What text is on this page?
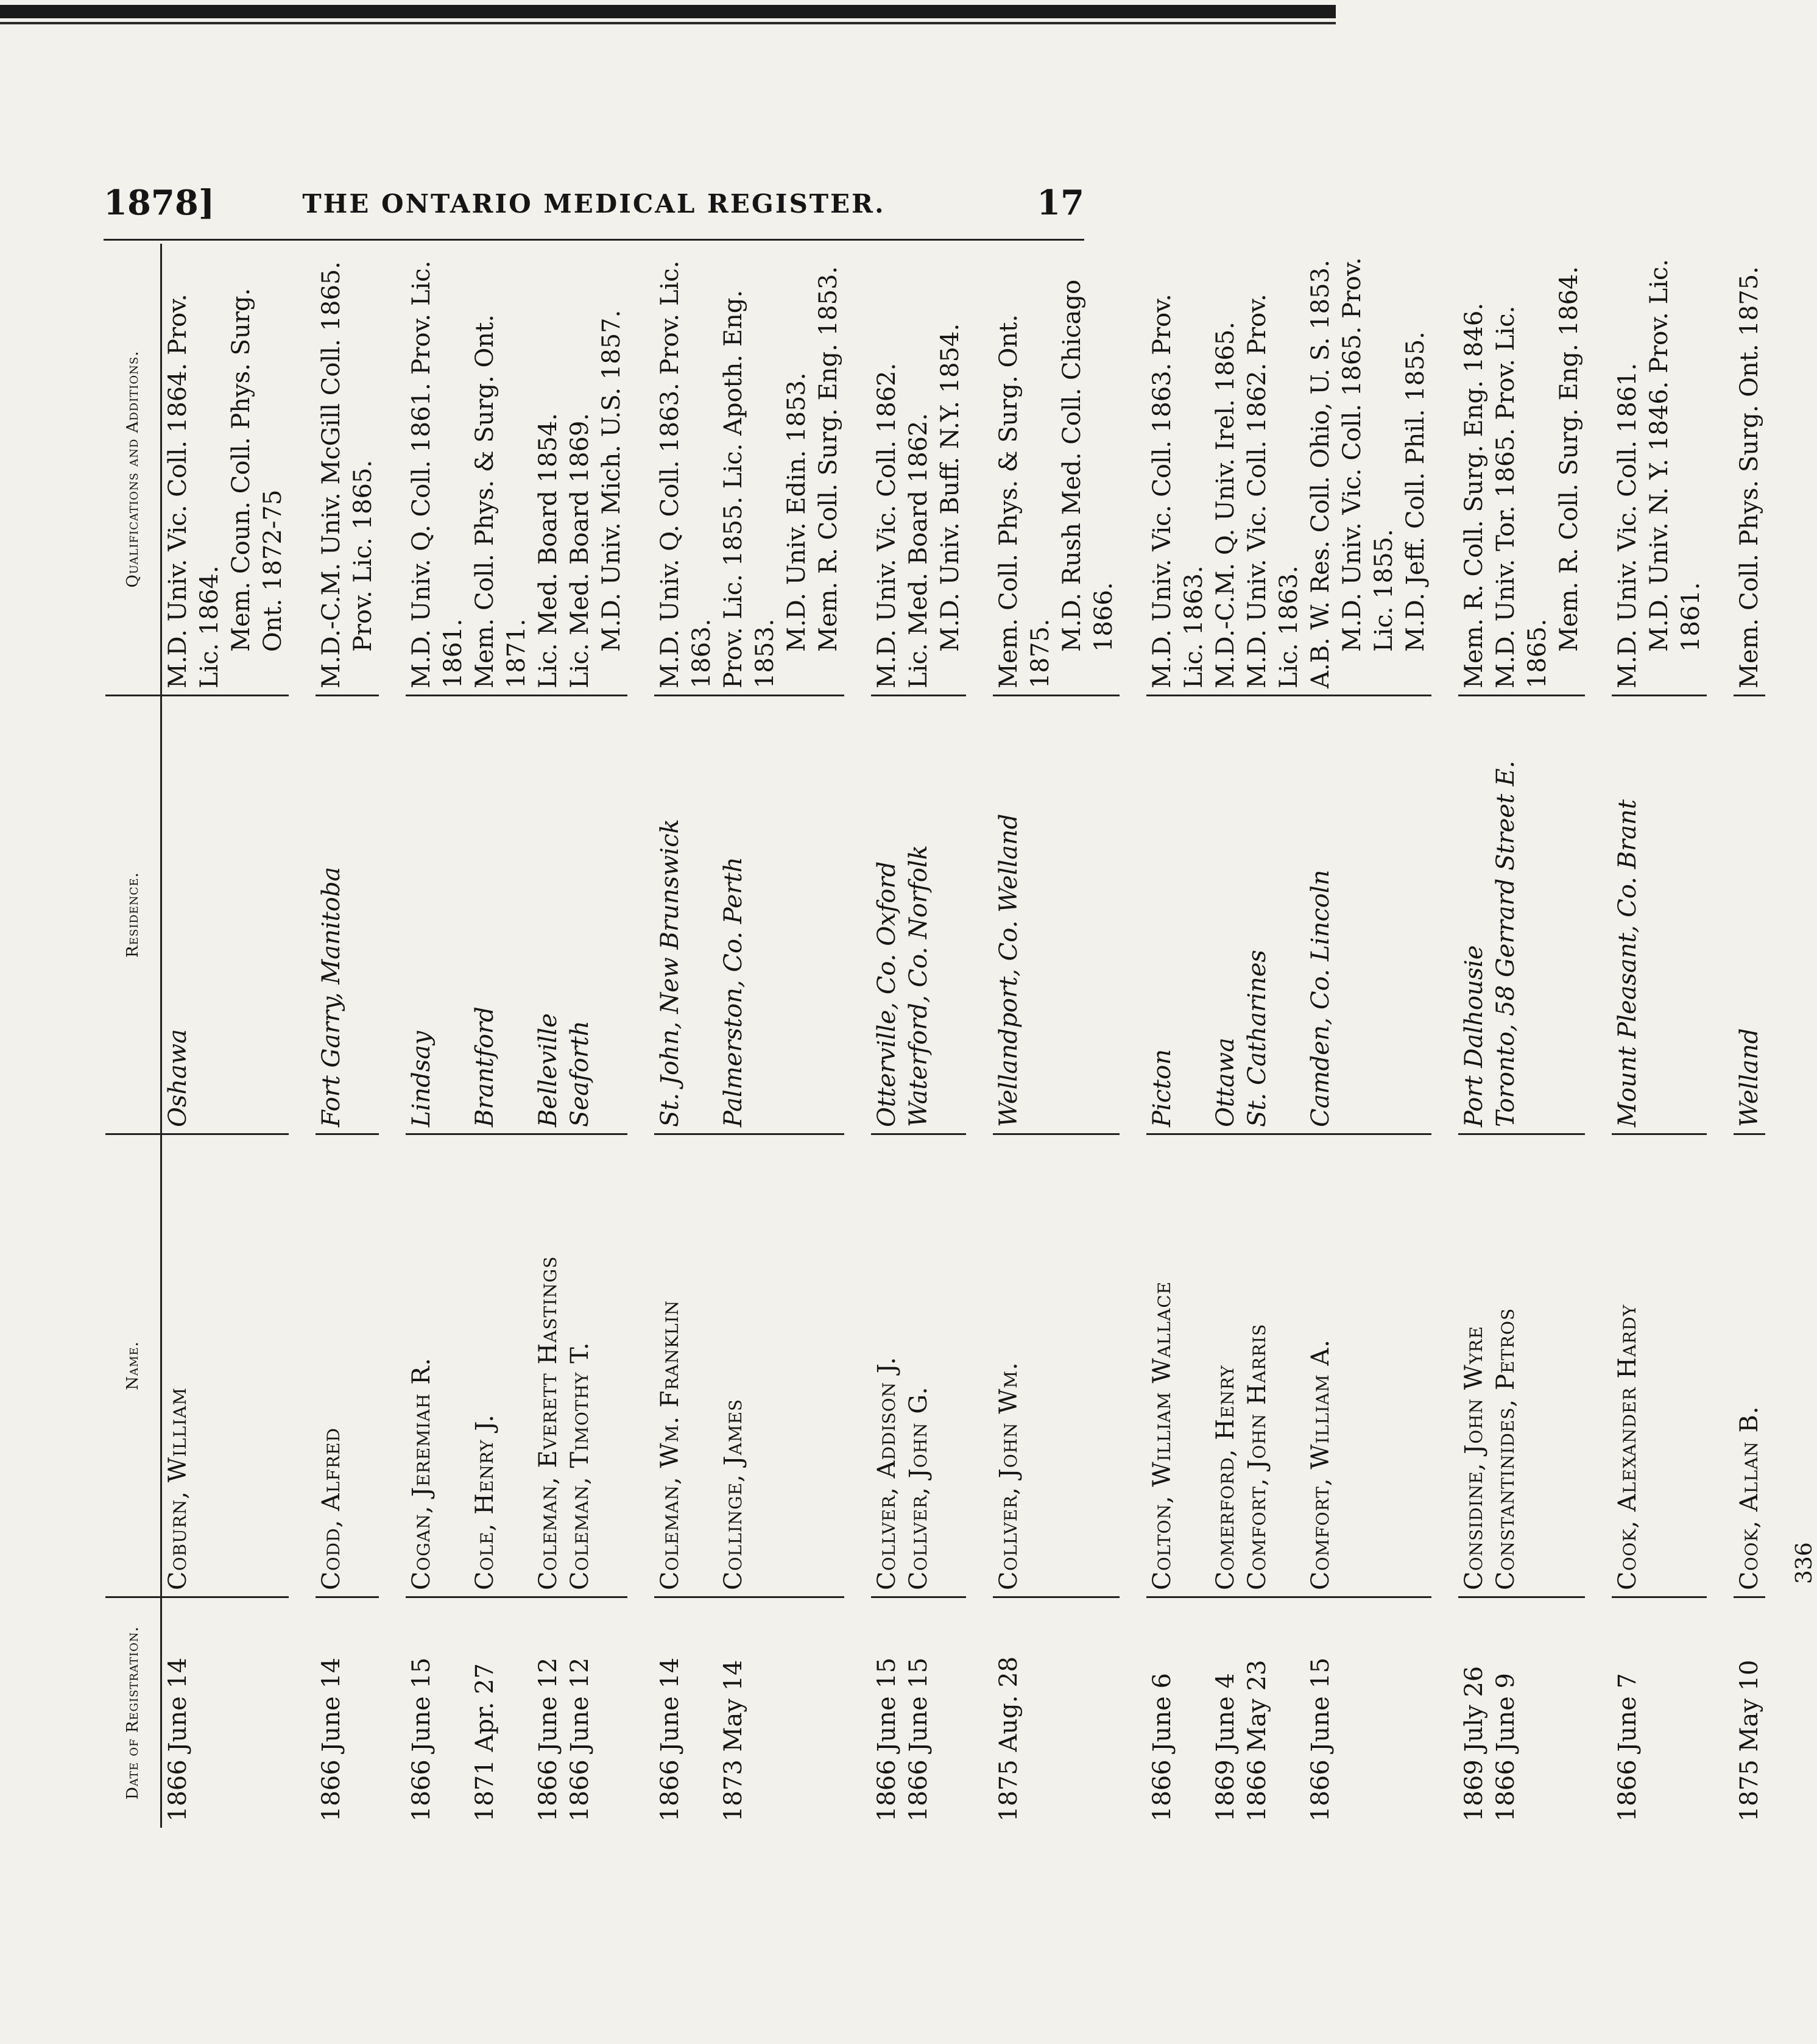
1878]	THE ONTARIO MEDICAL REGISTER.	17
Date of Registration.
Name.
Residence.
Qualifications and Additions.
1866 June 14
Coburn, William
Oshawa
M.D. Univ. Vic. Coll. 1864. Prov. Lic. 1864. Mem. Coun. Coll. Phys. Surg. Ont. 1872-75
1866 June 14
Codd, Alfred
Fort Garry, Manitoba
M.D.-C.M. Univ. McGill Coll. 1865. Prov. Lic. 1865.
1866 June 15
Cogan, Jeremiah R.
Lindsay
M.D. Univ. Q. Coll. 1861. Prov. Lic. 1861.
1871 Apr. 27
Cole, Henry J.
Brantford
Mem. Coll. Phys. & Surg. Ont. 1871.
1866 June 12
Coleman, Everett Hastings
Belleville
Lic. Med. Board 1854.
1866 June 12
Coleman, Timothy T.
Seaforth
Lic. Med. Board 1869. M.D. Univ. Mich. U.S. 1857.
1866 June 14
Coleman, Wm. Franklin
St. John, New Brunswick
M.D. Univ. Q. Coll. 1863. Prov. Lic. 1863.
1873 May 14
Collinge, James
Palmerston, Co. Perth
Prov. Lic. 1855. Lic. Apoth. Eng. 1853.
M.D. Univ. Edin. 1853. Mem. R. Coll. Surg. Eng. 1853.
1866 June 15
Collver, Addison J.
Otterville, Co. Oxford
M.D. Univ. Vic. Coll. 1862.
1866 June 15
Collver, John G.
Waterford, Co. Norfolk
Lic. Med. Board 1862. M.D. Univ. Buff. N.Y. 1854.
1875 Aug. 28
Collver, John Wm.
Wellandport, Co. Welland
Mem. Coll. Phys. & Surg. Ont. 1875.
M.D. Rush Med. Coll. Chicago 1866.
1866 June 6
Colton, William Wallace
Picton
M.D. Univ. Vic. Coll. 1863. Prov. Lic. 1863.
1869 June 4
Comerford, Henry
Ottawa
M.D.-C.M. Q. Univ. Irel. 1865.
1866 May 23
Comfort, John Harris
St. Catharines
M.D. Univ. Vic. Coll. 1862. Prov. Lic. 1863.
1866 June 15
Comfort, William A.
Camden, Co. Lincoln
A.B. W. Res. Coll. Ohio, U. S. 1853. M.D. Univ. Vic. Coll. 1865. Prov. Lic. 1855. M.D. Jeff. Coll. Phil. 1855.
1869 July 26
Considine, John Wyre
Port Dalhousie
Mem. R. Coll. Surg. Eng. 1846.
1866 June 9
Constantinides, Petros
Toronto, 58 Gerrard Street E.
M.D. Univ. Tor. 1865. Prov. Lic. 1865.
Mem. R. Coll. Surg. Eng. 1864.
1866 June 7
Cook, Alexander Hardy
Mount Pleasant, Co. Brant
M.D. Univ. Vic. Coll. 1861. M.D. Univ. N. Y. 1846. Prov. Lic. 1861.
1875 May 10
Cook, Allan B.
Welland
Mem. Coll. Phys. Surg. Ont. 1875.
336
